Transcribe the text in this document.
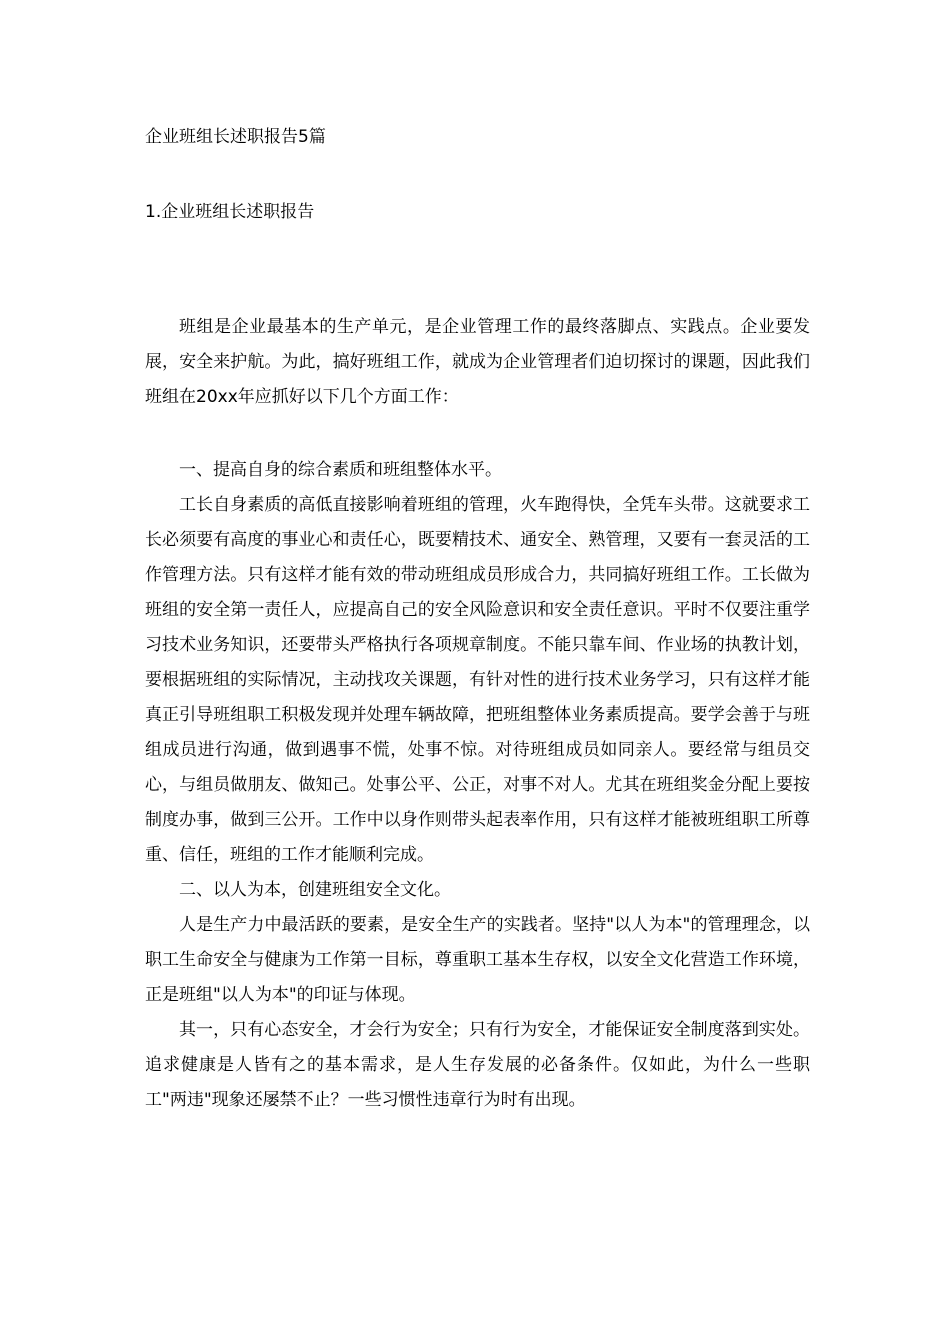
企业班组长述职报告5篇

1.企业班组长述职报告

班组是企业最基本的生产单元，是企业管理工作的最终落脚点、实践点。企业要发展，安全来护航。为此，搞好班组工作，就成为企业管理者们迫切探讨的课题，因此我们班组在20xx年应抓好以下几个方面工作：

一、提高自身的综合素质和班组整体水平。

工长自身素质的高低直接影响着班组的管理，火车跑得快，全凭车头带。这就要求工长必须要有高度的事业心和责任心，既要精技术、通安全、熟管理，又要有一套灵活的工作管理方法。只有这样才能有效的带动班组成员形成合力，共同搞好班组工作。工长做为班组的安全第一责任人，应提高自己的安全风险意识和安全责任意识。平时不仅要注重学习技术业务知识，还要带头严格执行各项规章制度。不能只靠车间、作业场的执教计划，要根据班组的实际情况，主动找攻关课题，有针对性的进行技术业务学习，只有这样才能真正引导班组职工积极发现并处理车辆故障，把班组整体业务素质提高。要学会善于与班组成员进行沟通，做到遇事不慌，处事不惊。对待班组成员如同亲人。要经常与组员交心，与组员做朋友、做知己。处事公平、公正，对事不对人。尤其在班组奖金分配上要按制度办事，做到三公开。工作中以身作则带头起表率作用，只有这样才能被班组职工所尊重、信任，班组的工作才能顺利完成。

二、以人为本，创建班组安全文化。

人是生产力中最活跃的要素，是安全生产的实践者。坚持"以人为本"的管理理念，以职工生命安全与健康为工作第一目标，尊重职工基本生存权，以安全文化营造工作环境，正是班组"以人为本"的印证与体现。

其一，只有心态安全，才会行为安全；只有行为安全，才能保证安全制度落到实处。追求健康是人皆有之的基本需求，是人生存发展的必备条件。仅如此，为什么一些职工"两违"现象还屡禁不止？一些习惯性违章行为时有出现。
